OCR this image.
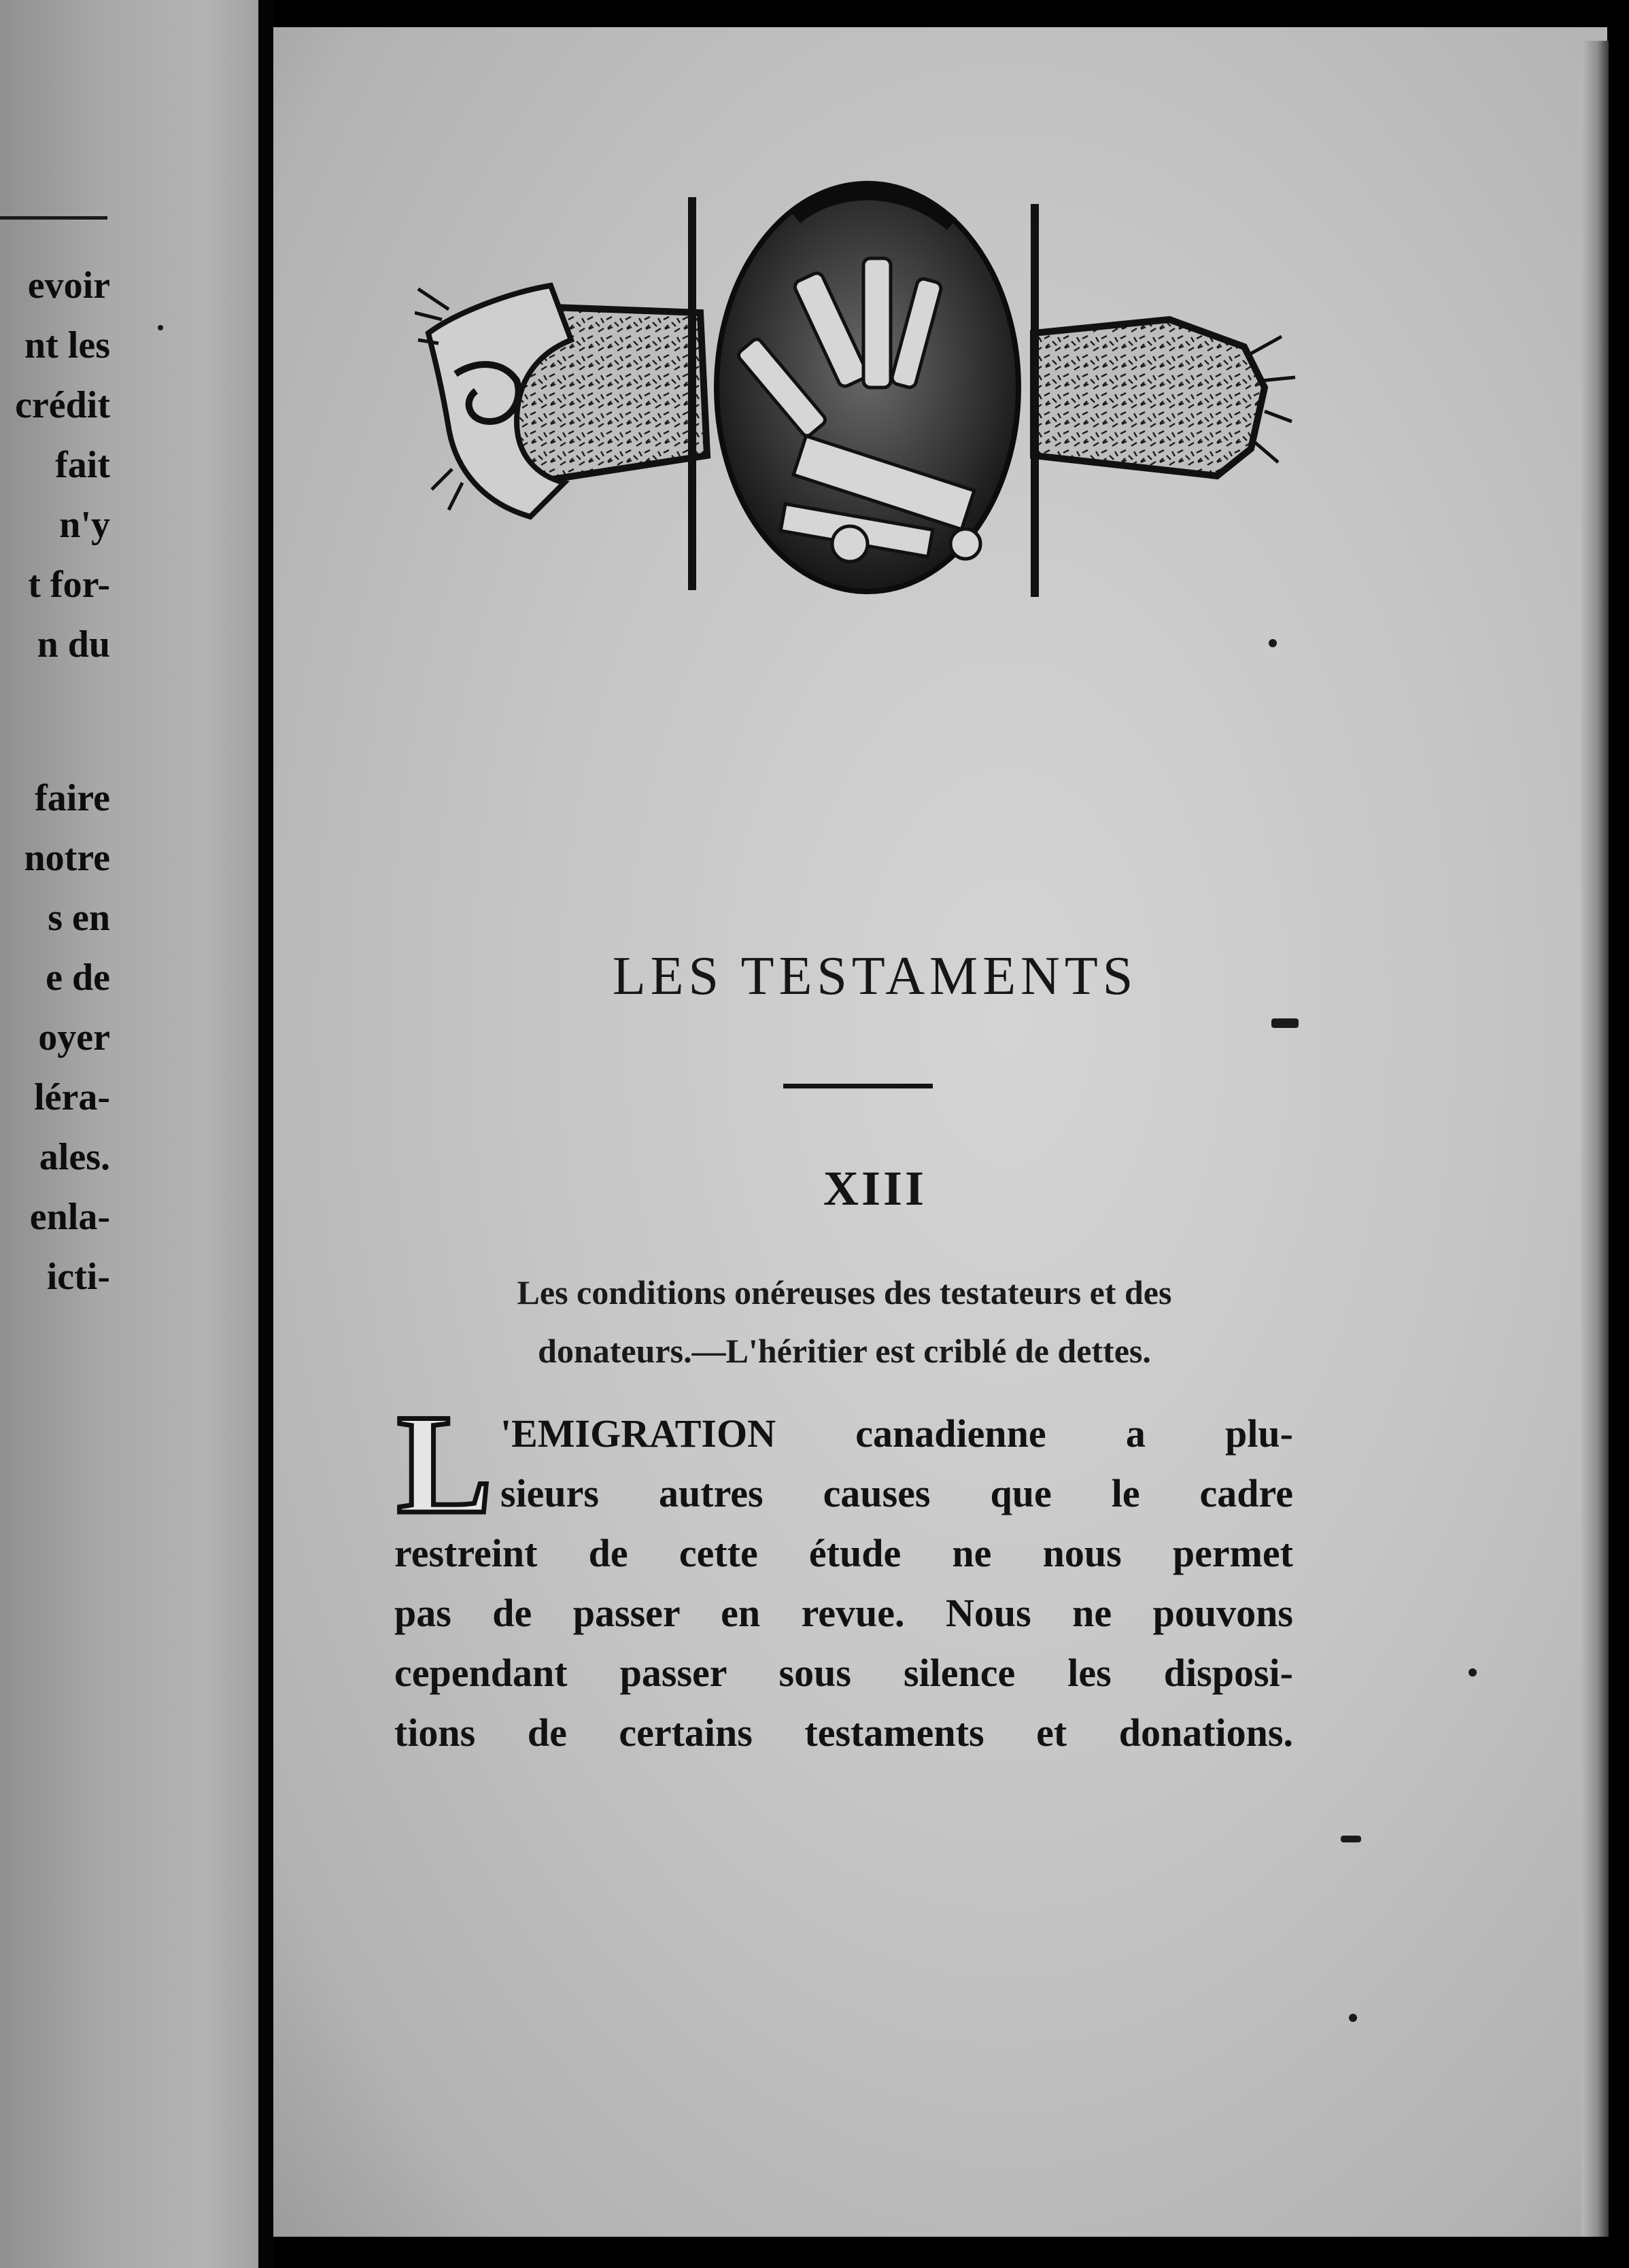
evoir
nt les
crédit
fait
n'y
t for-
n du
faire
notre
s en
e de
oyer
léra-
ales.
enla-
icti-
LES TESTAMENTS
XIII
Les conditions onéreuses des testateurs et des
donateurs.—L'héritier est criblé de dettes.
L 'EMIGRATION canadienne a plu-
sieurs autres causes que le cadre
restreint de cette étude ne nous permet
pas de passer en revue. Nous ne pouvons
cependant passer sous silence les disposi-
tions de certains testaments et donations.
